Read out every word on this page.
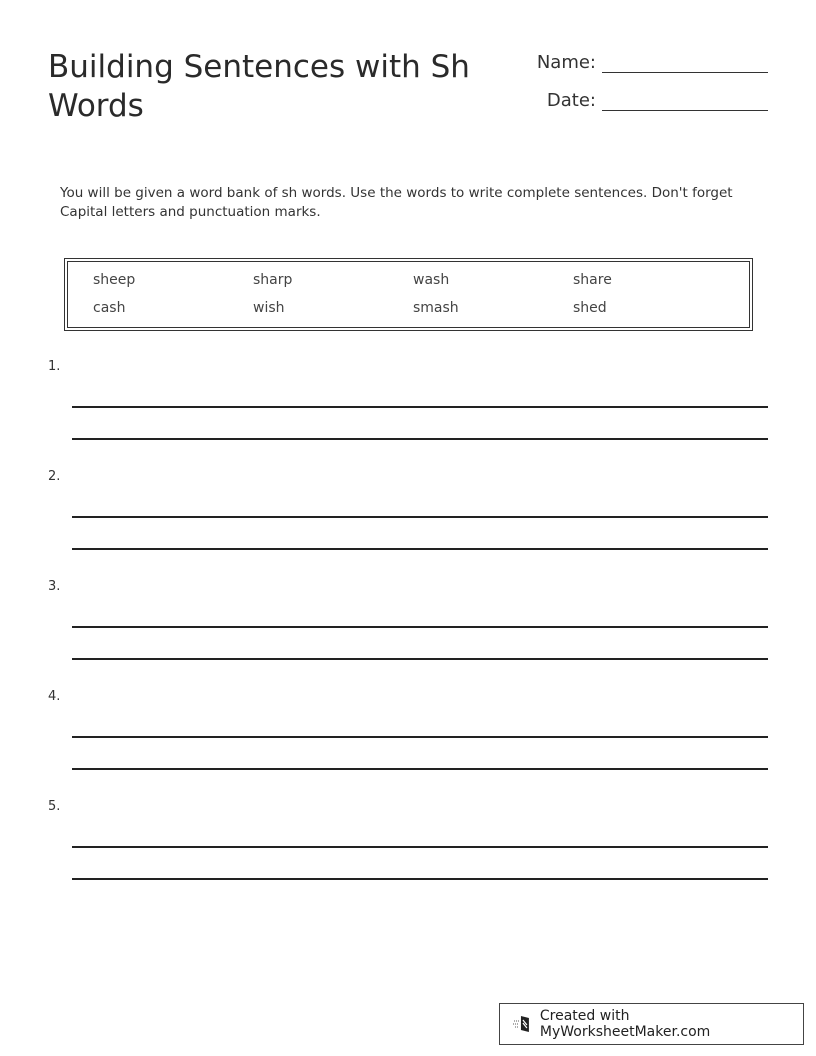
Building Sentences with Sh Words
Name:
Date:
You will be given a word bank of sh words. Use the words to write complete sentences. Don't forget Capital letters and punctuation marks.
sheep	sharp	wash	share
cash	wish	smash	shed
1.
2.
3.
4.
5.
Created with MyWorksheetMaker.com
